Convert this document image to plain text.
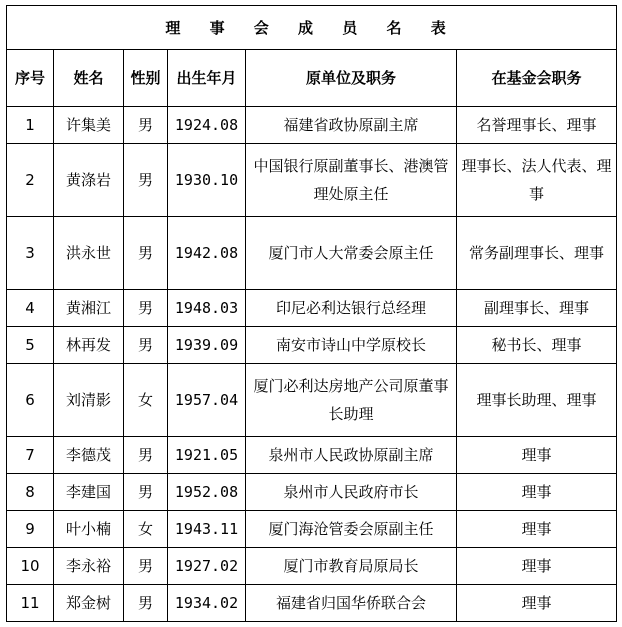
理 事 会 成 员 名 表					
序号	姓名	性别	出生年月	原单位及职务	在基金会职务
1	许集美	男	1924.08	福建省政协原副主席	名誉理事长、理事
2	黄涤岩	男	1930.10	中国银行原副董事长、港澳管理处原主任	理事长、法人代表、理事
3	洪永世	男	1942.08	厦门市人大常委会原主任	常务副理事长、理事
4	黄湘江	男	1948.03	印尼必利达银行总经理	副理事长、理事
5	林再发	男	1939.09	南安市诗山中学原校长	秘书长、理事
6	刘清影	女	1957.04	厦门必利达房地产公司原董事长助理	理事长助理、理事
7	李德茂	男	1921.05	泉州市人民政协原副主席	理事
8	李建国	男	1952.08	泉州市人民政府市长	理事
9	叶小楠	女	1943.11	厦门海沧管委会原副主任	理事
10	李永裕	男	1927.02	厦门市教育局原局长	理事
11	郑金树	男	1934.02	福建省归国华侨联合会	理事
